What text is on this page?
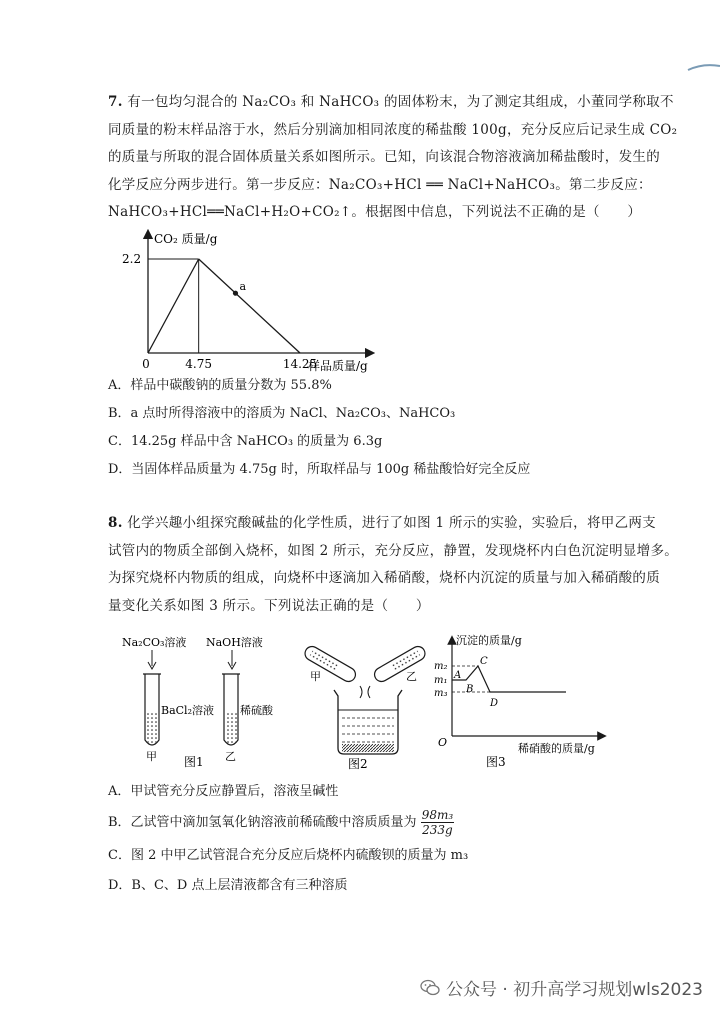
7. 有一包均匀混合的 Na₂CO₃ 和 NaHCO₃ 的固体粉末，为了测定其组成，小董同学称取不

同质量的粉末样品溶于水，然后分别滴加相同浓度的稀盐酸 100g，充分反应后记录生成 CO₂

的质量与所取的混合固体质量关系如图所示。已知，向该混合物溶液滴加稀盐酸时，发生的

化学反应分两步进行。第一步反应：Na₂CO₃+HCl ══ NaCl+NaHCO₃。第二步反应：

NaHCO₃+HCl══NaCl+H₂O+CO₂↑。根据图中信息，下列说法不正确的是（　　）

a
CO₂ 质量/g
2.2
0	4.75	14.25
样品质量/g
A．样品中碳酸钠的质量分数为 55.8%
B．a 点时所得溶液中的溶质为 NaCl、Na₂CO₃、NaHCO₃
C．14.25g 样品中含 NaHCO₃ 的质量为 6.3g
D．当固体样品质量为 4.75g 时，所取样品与 100g 稀盐酸恰好完全反应

8. 化学兴趣小组探究酸碱盐的化学性质，进行了如图 1 所示的实验，实验后，将甲乙两支

试管内的物质全部倒入烧杯，如图 2 所示，充分反应，静置，发现烧杯内白色沉淀明显增多。

为探究烧杯内物质的组成，向烧杯中逐滴加入稀硝酸，烧杯内沉淀的质量与加入稀硝酸的质

量变化关系如图 3 所示。下列说法正确的是（　　）

Na₂CO₃溶液 NaOH溶液
BaCl₂溶液 稀硫酸
甲	乙
图1
甲	乙
图2
沉淀的质量/g
稀硝酸的质量/g
O
m₂
m₁
m₃
A
B
C
D
图3
A．甲试管充分反应静置后，溶液呈碱性
B．乙试管中滴加氢氧化钠溶液前稀硫酸中溶质质量为 $\frac{\text{98m₃}}{233g}$
C．图 2 中甲乙试管混合充分反应后烧杯内硫酸钡的质量为 m₃
D．B、C、D 点上层清液都含有三种溶质
公众号 · 初升高学习规划wls2023
